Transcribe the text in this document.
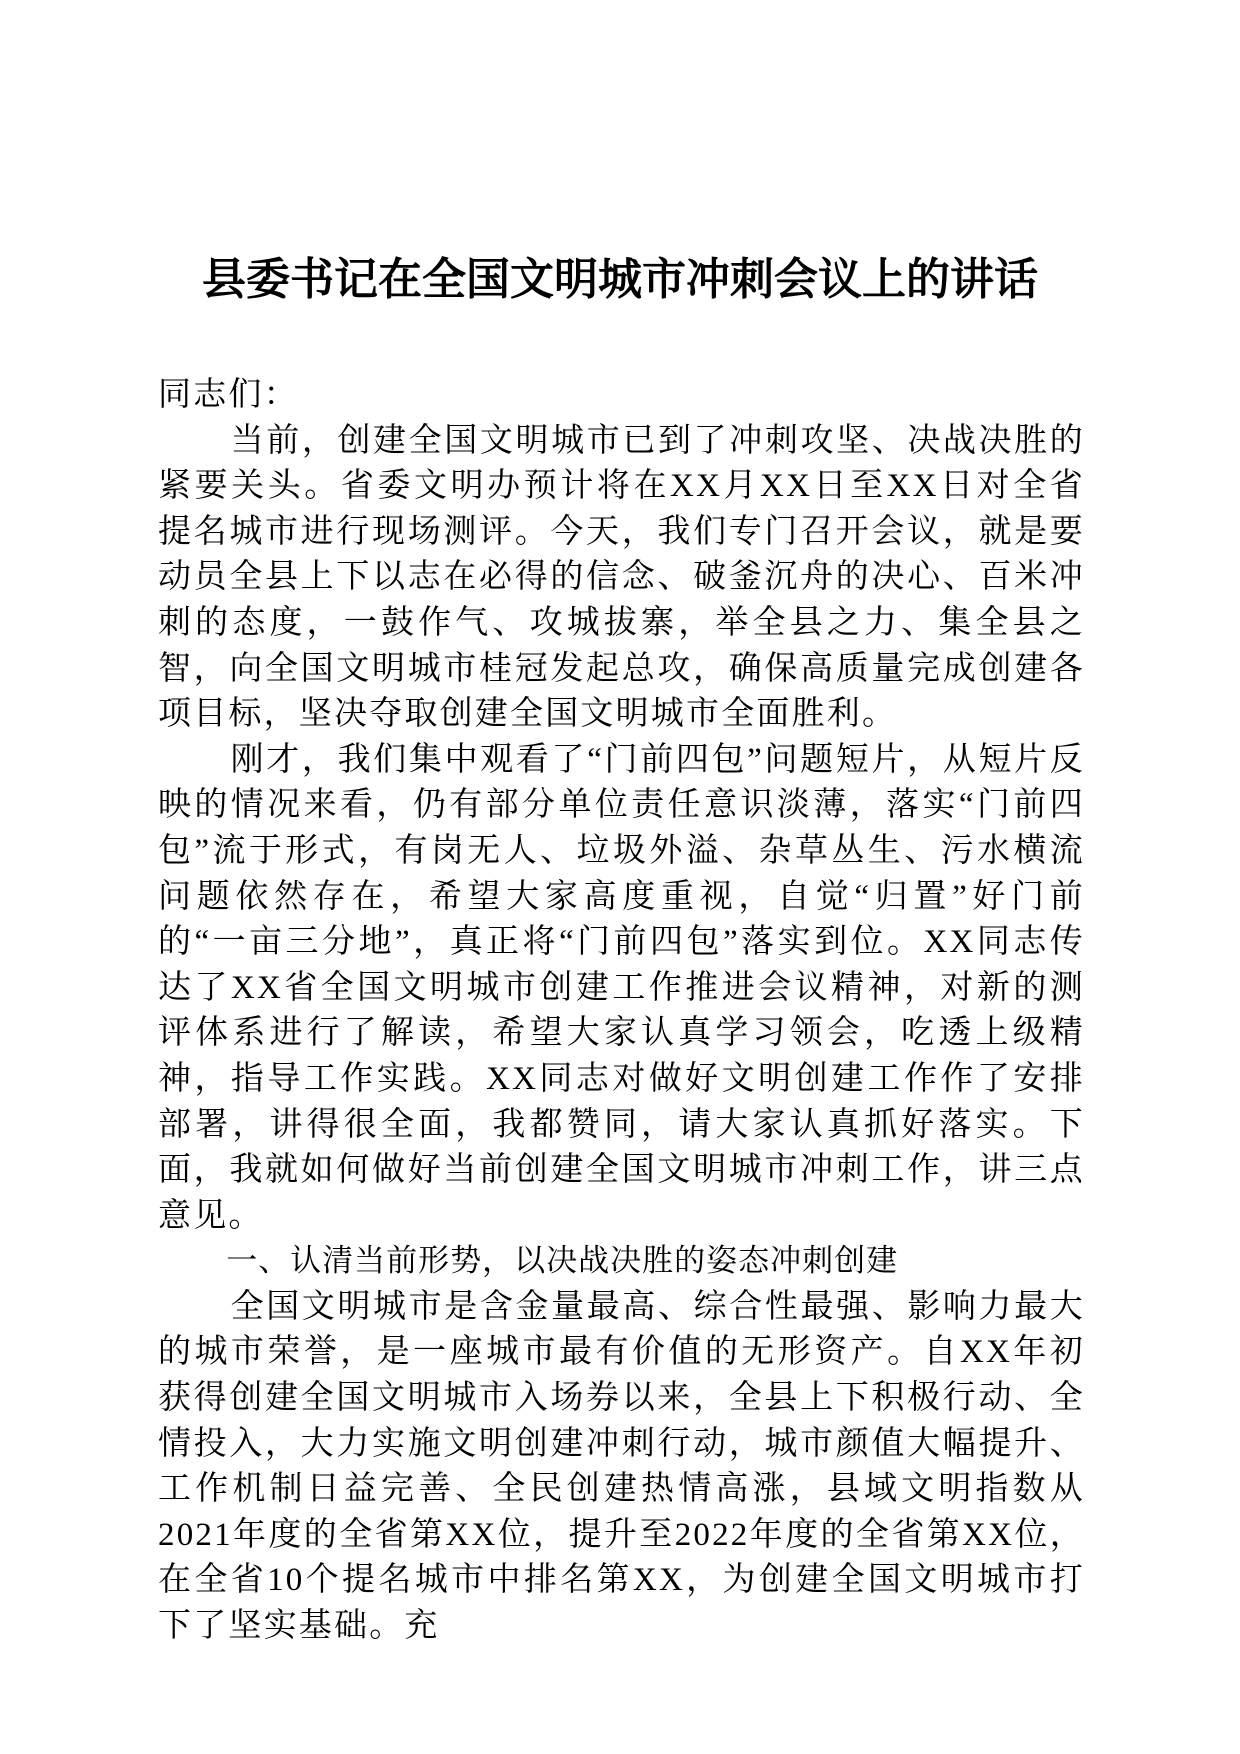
县委书记在全国文明城市冲刺会议上的讲话

同志们：

当前，创建全国文明城市已到了冲刺攻坚、决战决胜的紧要关头。省委文明办预计将在XX月XX日至XX日对全省提名城市进行现场测评。今天，我们专门召开会议，就是要动员全县上下以志在必得的信念、破釜沉舟的决心、百米冲刺的态度，一鼓作气、攻城拔寨，举全县之力、集全县之智，向全国文明城市桂冠发起总攻，确保高质量完成创建各项目标，坚决夺取创建全国文明城市全面胜利。

刚才，我们集中观看了“门前四包”问题短片，从短片反映的情况来看，仍有部分单位责任意识淡薄，落实“门前四包”流于形式，有岗无人、垃圾外溢、杂草丛生、污水横流问题依然存在，希望大家高度重视，自觉“归置”好门前的“一亩三分地”，真正将“门前四包”落实到位。XX同志传达了XX省全国文明城市创建工作推进会议精神，对新的测评体系进行了解读，希望大家认真学习领会，吃透上级精神，指导工作实践。XX同志对做好文明创建工作作了安排部署，讲得很全面，我都赞同，请大家认真抓好落实。下面，我就如何做好当前创建全国文明城市冲刺工作，讲三点意见。

一、认清当前形势，以决战决胜的姿态冲刺创建

全国文明城市是含金量最高、综合性最强、影响力最大的城市荣誉，是一座城市最有价值的无形资产。自XX年初获得创建全国文明城市入场券以来，全县上下积极行动、全情投入，大力实施文明创建冲刺行动，城市颜值大幅提升、工作机制日益完善、全民创建热情高涨，县域文明指数从2021年度的全省第XX位，提升至2022年度的全省第XX位，在全省10个提名城市中排名第XX，为创建全国文明城市打下了坚实基础。充
